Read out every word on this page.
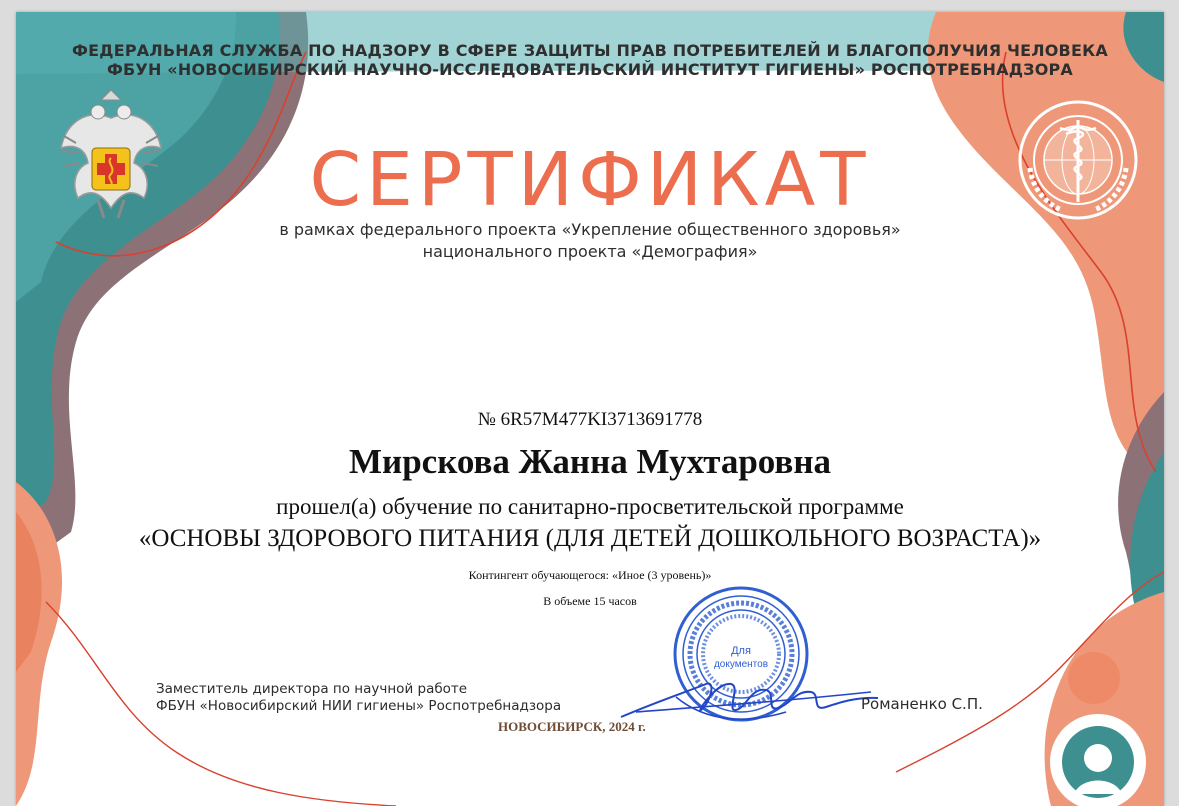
ФЕДЕРАЛЬНАЯ СЛУЖБА ПО НАДЗОРУ В СФЕРЕ ЗАЩИТЫ ПРАВ ПОТРЕБИТЕЛЕЙ И БЛАГОПОЛУЧИЯ ЧЕЛОВЕКА
ФБУН «НОВОСИБИРСКИЙ НАУЧНО-ИССЛЕДОВАТЕЛЬСКИЙ ИНСТИТУТ ГИГИЕНЫ» РОСПОТРЕБНАДЗОРА
СЕРТИФИКАТ
в рамках федерального проекта «Укрепление общественного здоровья»
национального проекта «Демография»
№ 6R57M477KI3713691778
Мирскова Жанна Мухтаровна
прошел(а) обучение по санитарно-просветительской программе
«ОСНОВЫ ЗДОРОВОГО ПИТАНИЯ (ДЛЯ ДЕТЕЙ ДОШКОЛЬНОГО ВОЗРАСТА)»
Контингент обучающегося: «Иное (3 уровень)»
В объеме 15 часов
Для
документов
Заместитель директора по научной работе
ФБУН «Новосибирский НИИ гигиены» Роспотребнадзора	Романенко С.П.
НОВОСИБИРСК, 2024 г.
